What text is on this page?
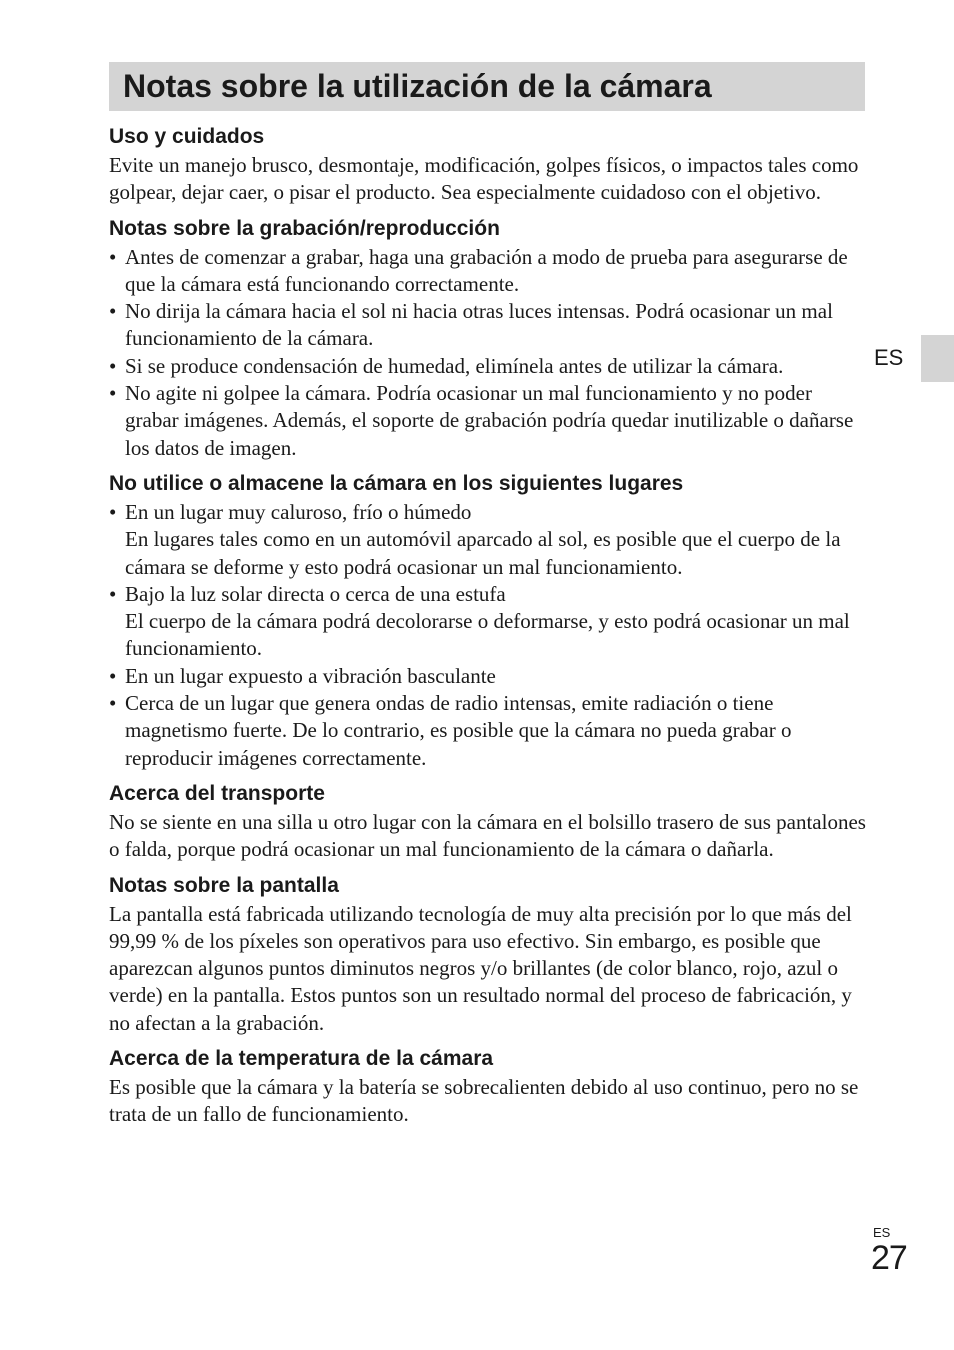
Notas sobre la utilización de la cámara
ES
Uso y cuidados

Evite un manejo brusco, desmontaje, modificación, golpes físicos, o impactos tales como golpear, dejar caer, o pisar el producto. Sea especialmente cuidadoso con el objetivo.

Notas sobre la grabación/reproducción
• Antes de comenzar a grabar, haga una grabación a modo de prueba para asegurarse de que la cámara está funcionando correctamente.
• No dirija la cámara hacia el sol ni hacia otras luces intensas. Podrá ocasionar un mal funcionamiento de la cámara.
• Si se produce condensación de humedad, elimínela antes de utilizar la cámara.
• No agite ni golpee la cámara. Podría ocasionar un mal funcionamiento y no poder grabar imágenes. Además, el soporte de grabación podría quedar inutilizable o dañarse los datos de imagen.
No utilice o almacene la cámara en los siguientes lugares
• En un lugar muy caluroso, frío o húmedo
En lugares tales como en un automóvil aparcado al sol, es posible que el cuerpo de la cámara se deforme y esto podrá ocasionar un mal funcionamiento.
• Bajo la luz solar directa o cerca de una estufa
El cuerpo de la cámara podrá decolorarse o deformarse, y esto podrá ocasionar un mal funcionamiento.
• En un lugar expuesto a vibración basculante
• Cerca de un lugar que genera ondas de radio intensas, emite radiación o tiene magnetismo fuerte. De lo contrario, es posible que la cámara no pueda grabar o reproducir imágenes correctamente.
Acerca del transporte

No se siente en una silla u otro lugar con la cámara en el bolsillo trasero de sus pantalones o falda, porque podrá ocasionar un mal funcionamiento de la cámara o dañarla.

Notas sobre la pantalla

La pantalla está fabricada utilizando tecnología de muy alta precisión por lo que más del 99,99 % de los píxeles son operativos para uso efectivo. Sin embargo, es posible que aparezcan algunos puntos diminutos negros y/o brillantes (de color blanco, rojo, azul o verde) en la pantalla. Estos puntos son un resultado normal del proceso de fabricación, y no afectan a la grabación.

Acerca de la temperatura de la cámara

Es posible que la cámara y la batería se sobrecalienten debido al uso continuo, pero no se trata de un fallo de funcionamiento.

ES
27
